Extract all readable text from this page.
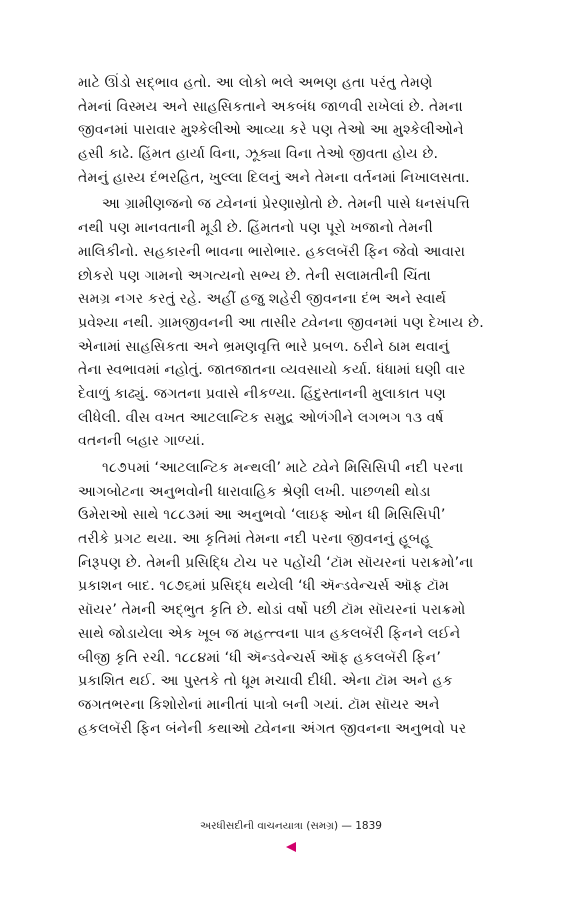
માટે ઊંડો સદ્ભાવ હતો. આ લોકો ભલે અભણ હતા પરંતુ તેમણે
તેમનાં વિસ્મય અને સાહસિકતાને અકબંધ જાળવી રાખેલાં છે. તેમના
જીવનમાં પારાવાર મુશ્કેલીઓ આવ્યા કરે પણ તેઓ આ મુશ્કેલીઓને
હસી કાઢે. હિંમત હાર્યા વિના, ઝૂક્યા વિના તેઓ જીવતા હોય છે.
તેમનું હાસ્ય દંભરહિત, ખુલ્લા દિલનું અને તેમના વર્તનમાં નિખાલસતા.
આ ગ્રામીણજનો જ ટ્વેનનાં પ્રેરણાસ્રોતો છે. તેમની પાસે ધનસંપત્તિ
નથી પણ માનવતાની મૂડી છે. હિંમતનો પણ પૂરો ખજાનો તેમની
માલિકીનો. સહકારની ભાવના ભારોભાર. હકલબૅરી ફિન જેવો આવારા
છોકરો પણ ગામનો અગત્યનો સભ્ય છે. તેની સલામતીની ચિંતા
સમગ્ર નગર કરતું રહે. અહીં હજુ શહેરી જીવનના દંભ અને સ્વાર્થ
પ્રવેશ્યા નથી. ગ્રામજીવનની આ તાસીર ટ્વેનના જીવનમાં પણ દેખાય છે.
એનામાં સાહસિકતા અને ભ્રમણવૃત્તિ ભારે પ્રબળ. ઠરીને ઠામ થવાનું
તેના સ્વભાવમાં નહોતું. જાતજાતના વ્યવસાયો કર્યા. ધંધામાં ઘણી વાર
દેવાળું કાઢ્યું. જગતના પ્રવાસે નીકળ્યા. હિંદુસ્તાનની મુલાકાત પણ
લીધેલી. વીસ વખત આટલાન્ટિક સમુદ્ર ઓળંગીને લગભગ ૧૩ વર્ષ
વતનની બહાર ગાળ્યાં.
૧૮૭૫માં ‘આટલાન્ટિક મન્થલી’ માટે ટ્વેને મિસિસિપી નદી પરના
આગબોટના અનુભવોની ધારાવાહિક શ્રેણી લખી. પાછળથી થોડા
ઉમેરાઓ સાથે ૧૮૮૩માં આ અનુભવો ‘લાઇફ ઓન ધી મિસિસિપી’
તરીકે પ્રગટ થયા. આ કૃતિમાં તેમના નદી પરના જીવનનું હૂબહૂ
નિરૂપણ છે. તેમની પ્રસિદ્ધિ ટોચ પર પહોંચી ‘ટૉમ સૉયરનાં પરાક્રમો’ના
પ્રકાશન બાદ. ૧૮૭૬માં પ્રસિદ્ધ થયેલી ‘ધી ઍન્ડવેન્ચર્સ ઑફ ટૉમ
સૉયર’ તેમની અદ્ભુત કૃતિ છે. થોડાં વર્ષો પછી ટૉમ સૉયરનાં પરાક્રમો
સાથે જોડાયેલા એક ખૂબ જ મહત્ત્વના પાત્ર હકલબૅરી ફિનને લઈને
બીજી કૃતિ રચી. ૧૮૮૪માં ‘ધી ઍન્ડવેન્ચર્સ ઑફ હકલબૅરી ફિન’
પ્રકાશિત થઈ. આ પુસ્તકે તો ધૂમ મચાવી દીધી. એના ટૉમ અને હક
જગતભરના કિશોરોનાં માનીતાં પાત્રો બની ગયાં. ટૉમ સૉયર અને
હકલબૅરી ફિન બંનેની કથાઓ ટ્વેનના અંગત જીવનના અનુભવો પર
અરધીસદીની વાચનયાત્રા (સમગ્ર) — 1839
